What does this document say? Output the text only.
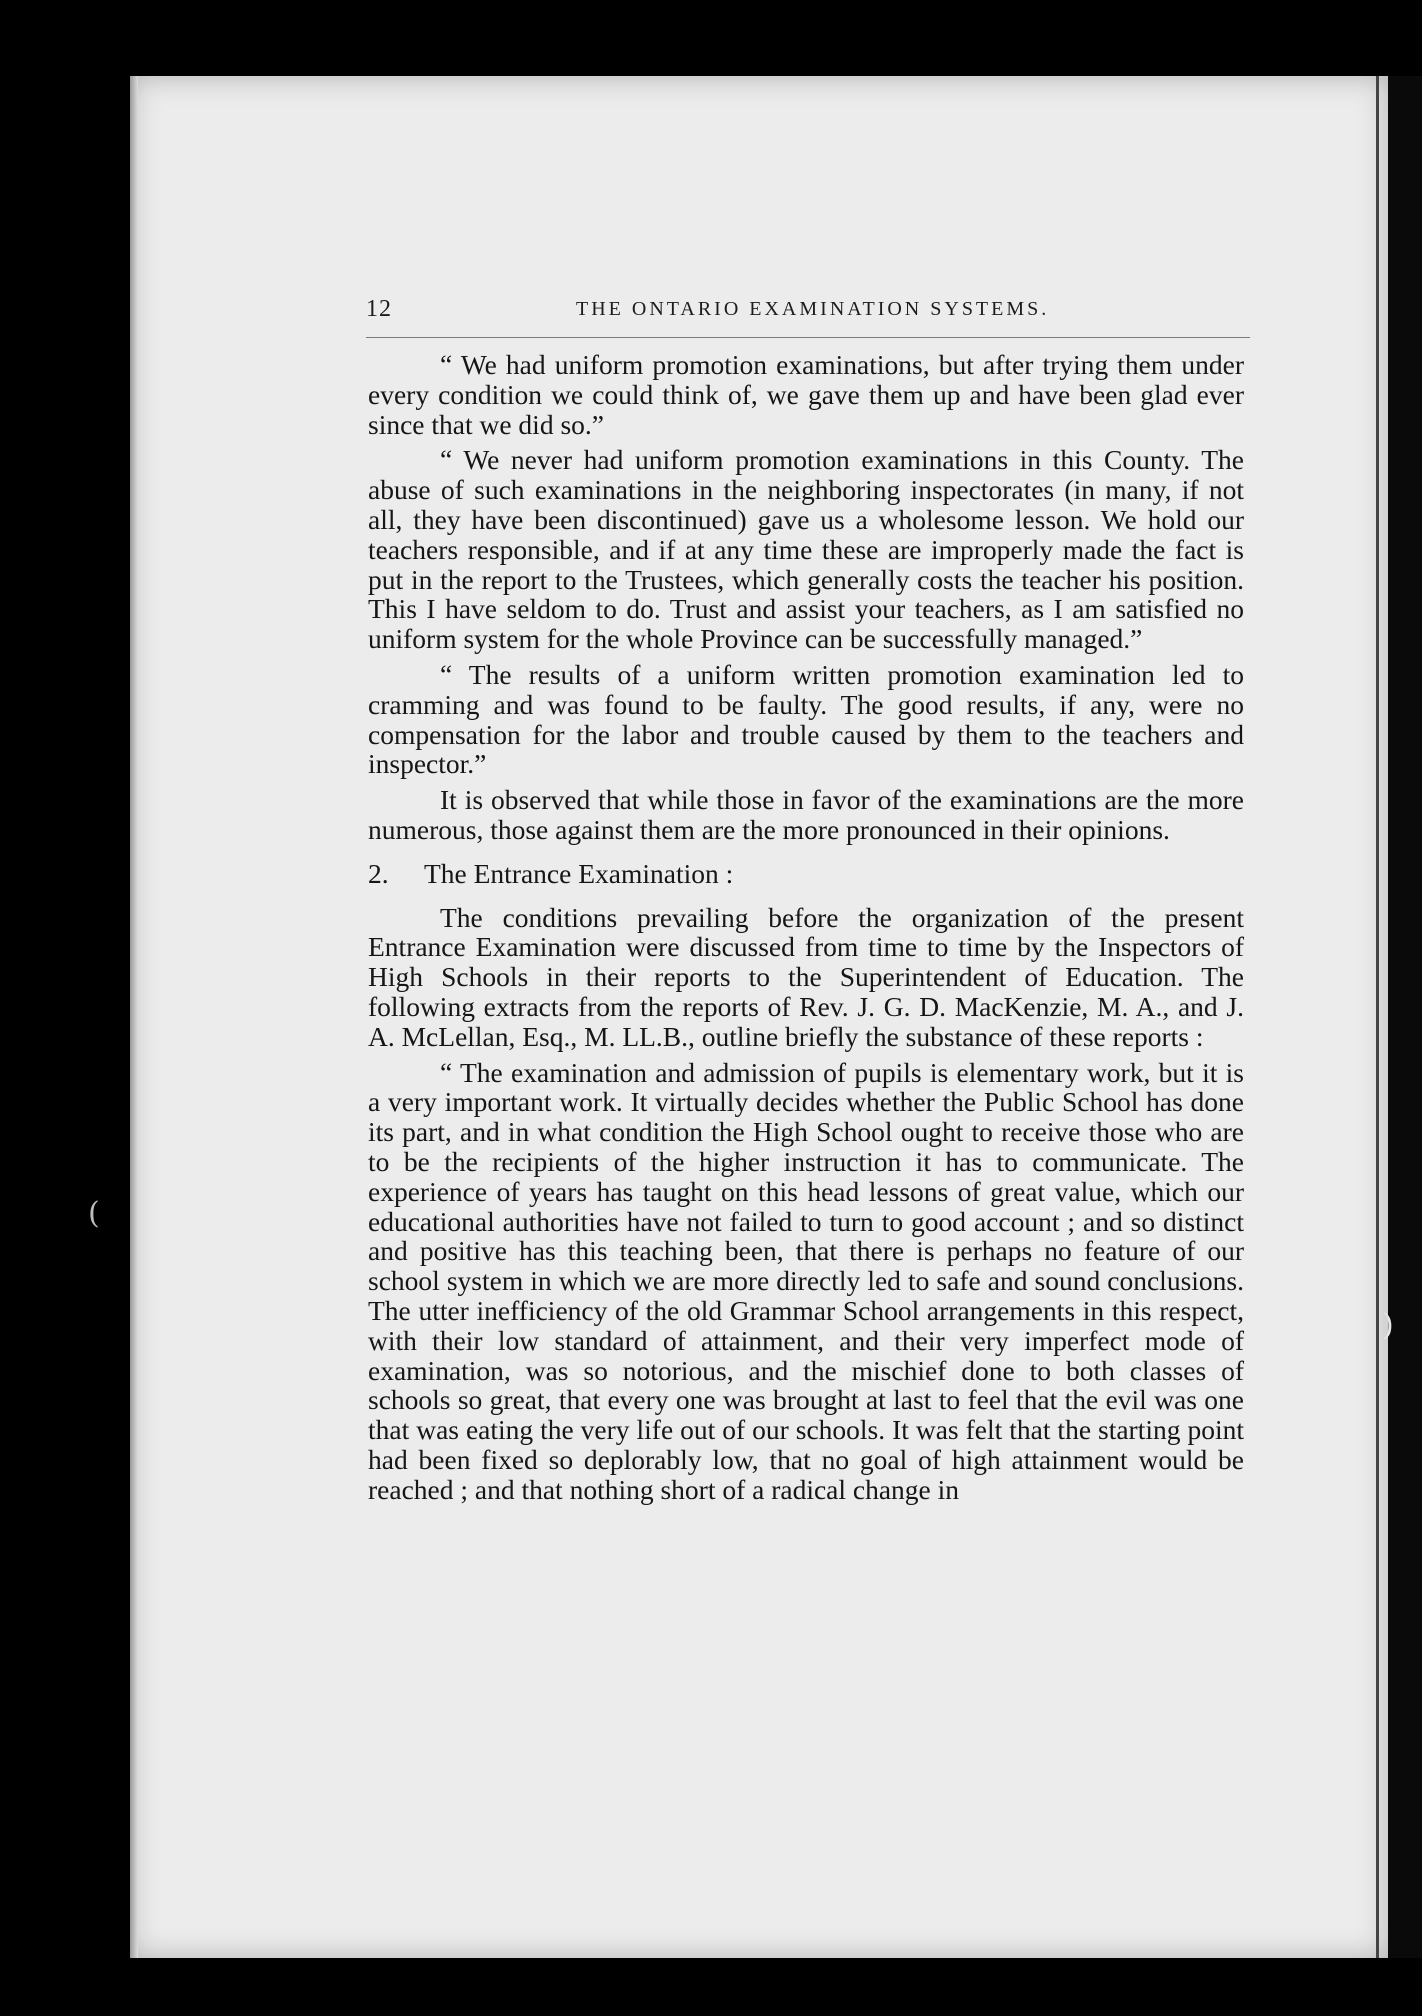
(
)
12	THE ONTARIO EXAMINATION SYSTEMS.

“ We had uniform promotion examinations, but after trying them under every condition we could think of, we gave them up and have been glad ever since that we did so.”

“ We never had uniform promotion examinations in this County. The abuse of such examinations in the neighboring inspectorates (in many, if not all, they have been discontinued) gave us a wholesome lesson. We hold our teachers responsible, and if at any time these are improperly made the fact is put in the report to the Trustees, which generally costs the teacher his position. This I have seldom to do. Trust and assist your teachers, as I am satisfied no uniform system for the whole Province can be successfully managed.”

“ The results of a uniform written promotion examination led to cramming and was found to be faulty. The good results, if any, were no compensation for the labor and trouble caused by them to the teachers and inspector.”

It is observed that while those in favor of the examinations are the more numerous, those against them are the more pronounced in their opinions.

2. The Entrance Examination :

The conditions prevailing before the organization of the present Entrance Examination were discussed from time to time by the Inspectors of High Schools in their reports to the Superintendent of Education. The following extracts from the reports of Rev. J. G. D. MacKenzie, M. A., and J. A. McLellan, Esq., M. LL.B., outline briefly the substance of these reports :

“ The examination and admission of pupils is elementary work, but it is a very important work. It virtually decides whether the Public School has done its part, and in what condition the High School ought to receive those who are to be the recipients of the higher instruction it has to communicate. The experience of years has taught on this head lessons of great value, which our educational authorities have not failed to turn to good account ; and so distinct and positive has this teaching been, that there is perhaps no feature of our school system in which we are more directly led to safe and sound conclusions. The utter inefficiency of the old Grammar School arrangements in this respect, with their low standard of attainment, and their very imperfect mode of examination, was so notorious, and the mischief done to both classes of schools so great, that every one was brought at last to feel that the evil was one that was eating the very life out of our schools. It was felt that the starting point had been fixed so deplorably low, that no goal of high attainment would be reached ; and that nothing short of a radical change in
